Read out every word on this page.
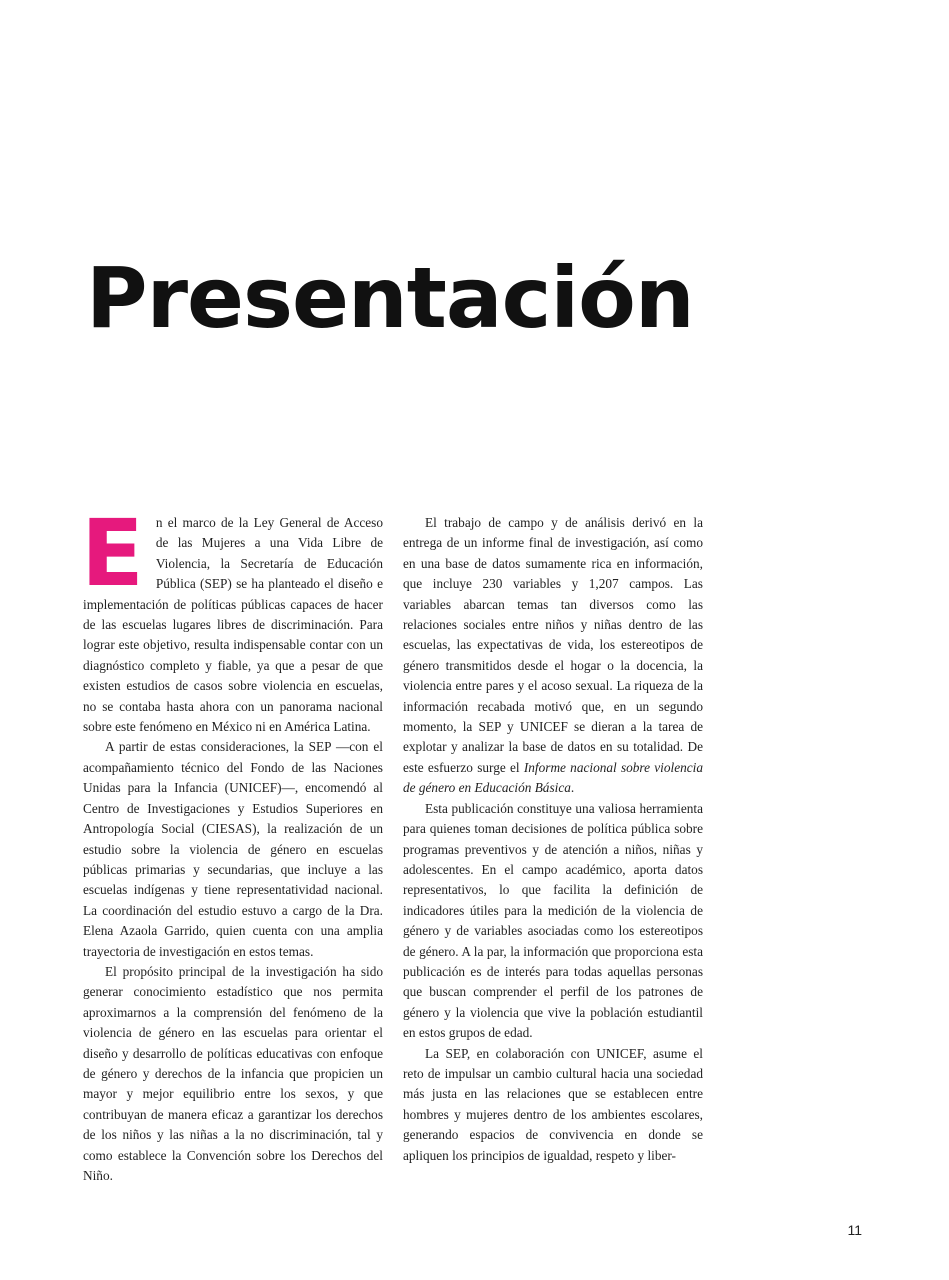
Presentación

En el marco de la Ley General de Acceso de las Mujeres a una Vida Libre de Violencia, la Secretaría de Educación Pública (SEP) se ha planteado el diseño e implementación de políticas públicas capaces de hacer de las escuelas lugares libres de discriminación. Para lograr este objetivo, resulta indispensable contar con un diagnóstico completo y fiable, ya que a pesar de que existen estudios de casos sobre violencia en escuelas, no se contaba hasta ahora con un panorama nacional sobre este fenómeno en México ni en América Latina.

A partir de estas consideraciones, la SEP —con el acompañamiento técnico del Fondo de las Naciones Unidas para la Infancia (UNICEF)—, encomendó al Centro de Investigaciones y Estudios Superiores en Antropología Social (CIESAS), la realización de un estudio sobre la violencia de género en escuelas públicas primarias y secundarias, que incluye a las escuelas indígenas y tiene representatividad nacional. La coordinación del estudio estuvo a cargo de la Dra. Elena Azaola Garrido, quien cuenta con una amplia trayectoria de investigación en estos temas.

El propósito principal de la investigación ha sido generar conocimiento estadístico que nos permita aproximarnos a la comprensión del fenómeno de la violencia de género en las escuelas para orientar el diseño y desarrollo de políticas educativas con enfoque de género y derechos de la infancia que propicien un mayor y mejor equilibrio entre los sexos, y que contribuyan de manera eficaz a garantizar los derechos de los niños y las niñas a la no discriminación, tal y como establece la Convención sobre los Derechos del Niño.

El trabajo de campo y de análisis derivó en la entrega de un informe final de investigación, así como en una base de datos sumamente rica en información, que incluye 230 variables y 1,207 campos. Las variables abarcan temas tan diversos como las relaciones sociales entre niños y niñas dentro de las escuelas, las expectativas de vida, los estereotipos de género transmitidos desde el hogar o la docencia, la violencia entre pares y el acoso sexual. La riqueza de la información recabada motivó que, en un segundo momento, la SEP y UNICEF se dieran a la tarea de explotar y analizar la base de datos en su totalidad. De este esfuerzo surge el Informe nacional sobre violencia de género en Educación Básica.

Esta publicación constituye una valiosa herramienta para quienes toman decisiones de política pública sobre programas preventivos y de atención a niños, niñas y adolescentes. En el campo académico, aporta datos representativos, lo que facilita la definición de indicadores útiles para la medición de la violencia de género y de variables asociadas como los estereotipos de género. A la par, la información que proporciona esta publicación es de interés para todas aquellas personas que buscan comprender el perfil de los patrones de género y la violencia que vive la población estudiantil en estos grupos de edad.

La SEP, en colaboración con UNICEF, asume el reto de impulsar un cambio cultural hacia una sociedad más justa en las relaciones que se establecen entre hombres y mujeres dentro de los ambientes escolares, generando espacios de convivencia en donde se apliquen los principios de igualdad, respeto y liber-

11
